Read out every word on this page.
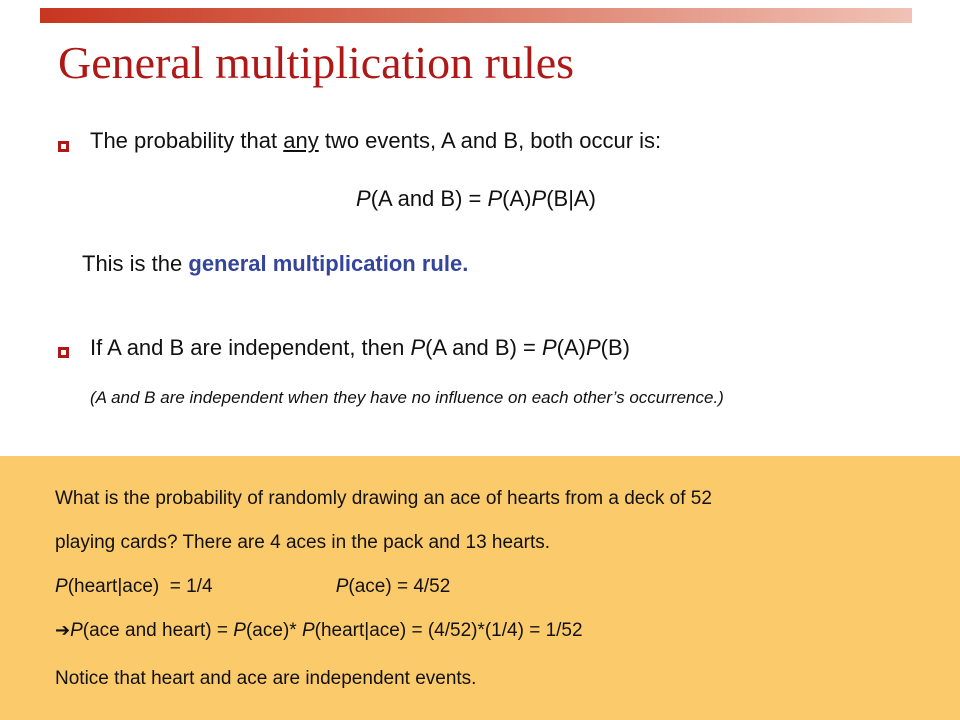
General multiplication rules
The probability that any two events, A and B, both occur is:
P(A and B) = P(A)P(B|A)
This is the general multiplication rule.
If A and B are independent, then P(A and B) = P(A)P(B)
(A and B are independent when they have no influence on each other’s occurrence.)
What is the probability of randomly drawing an ace of hearts from a deck of 52
playing cards? There are 4 aces in the pack and 13 hearts.
P(heart|ace)  = 1/4	P(ace) = 4/52
➔P(ace and heart) = P(ace)* P(heart|ace) = (4/52)*(1/4) = 1/52
Notice that heart and ace are independent events.
